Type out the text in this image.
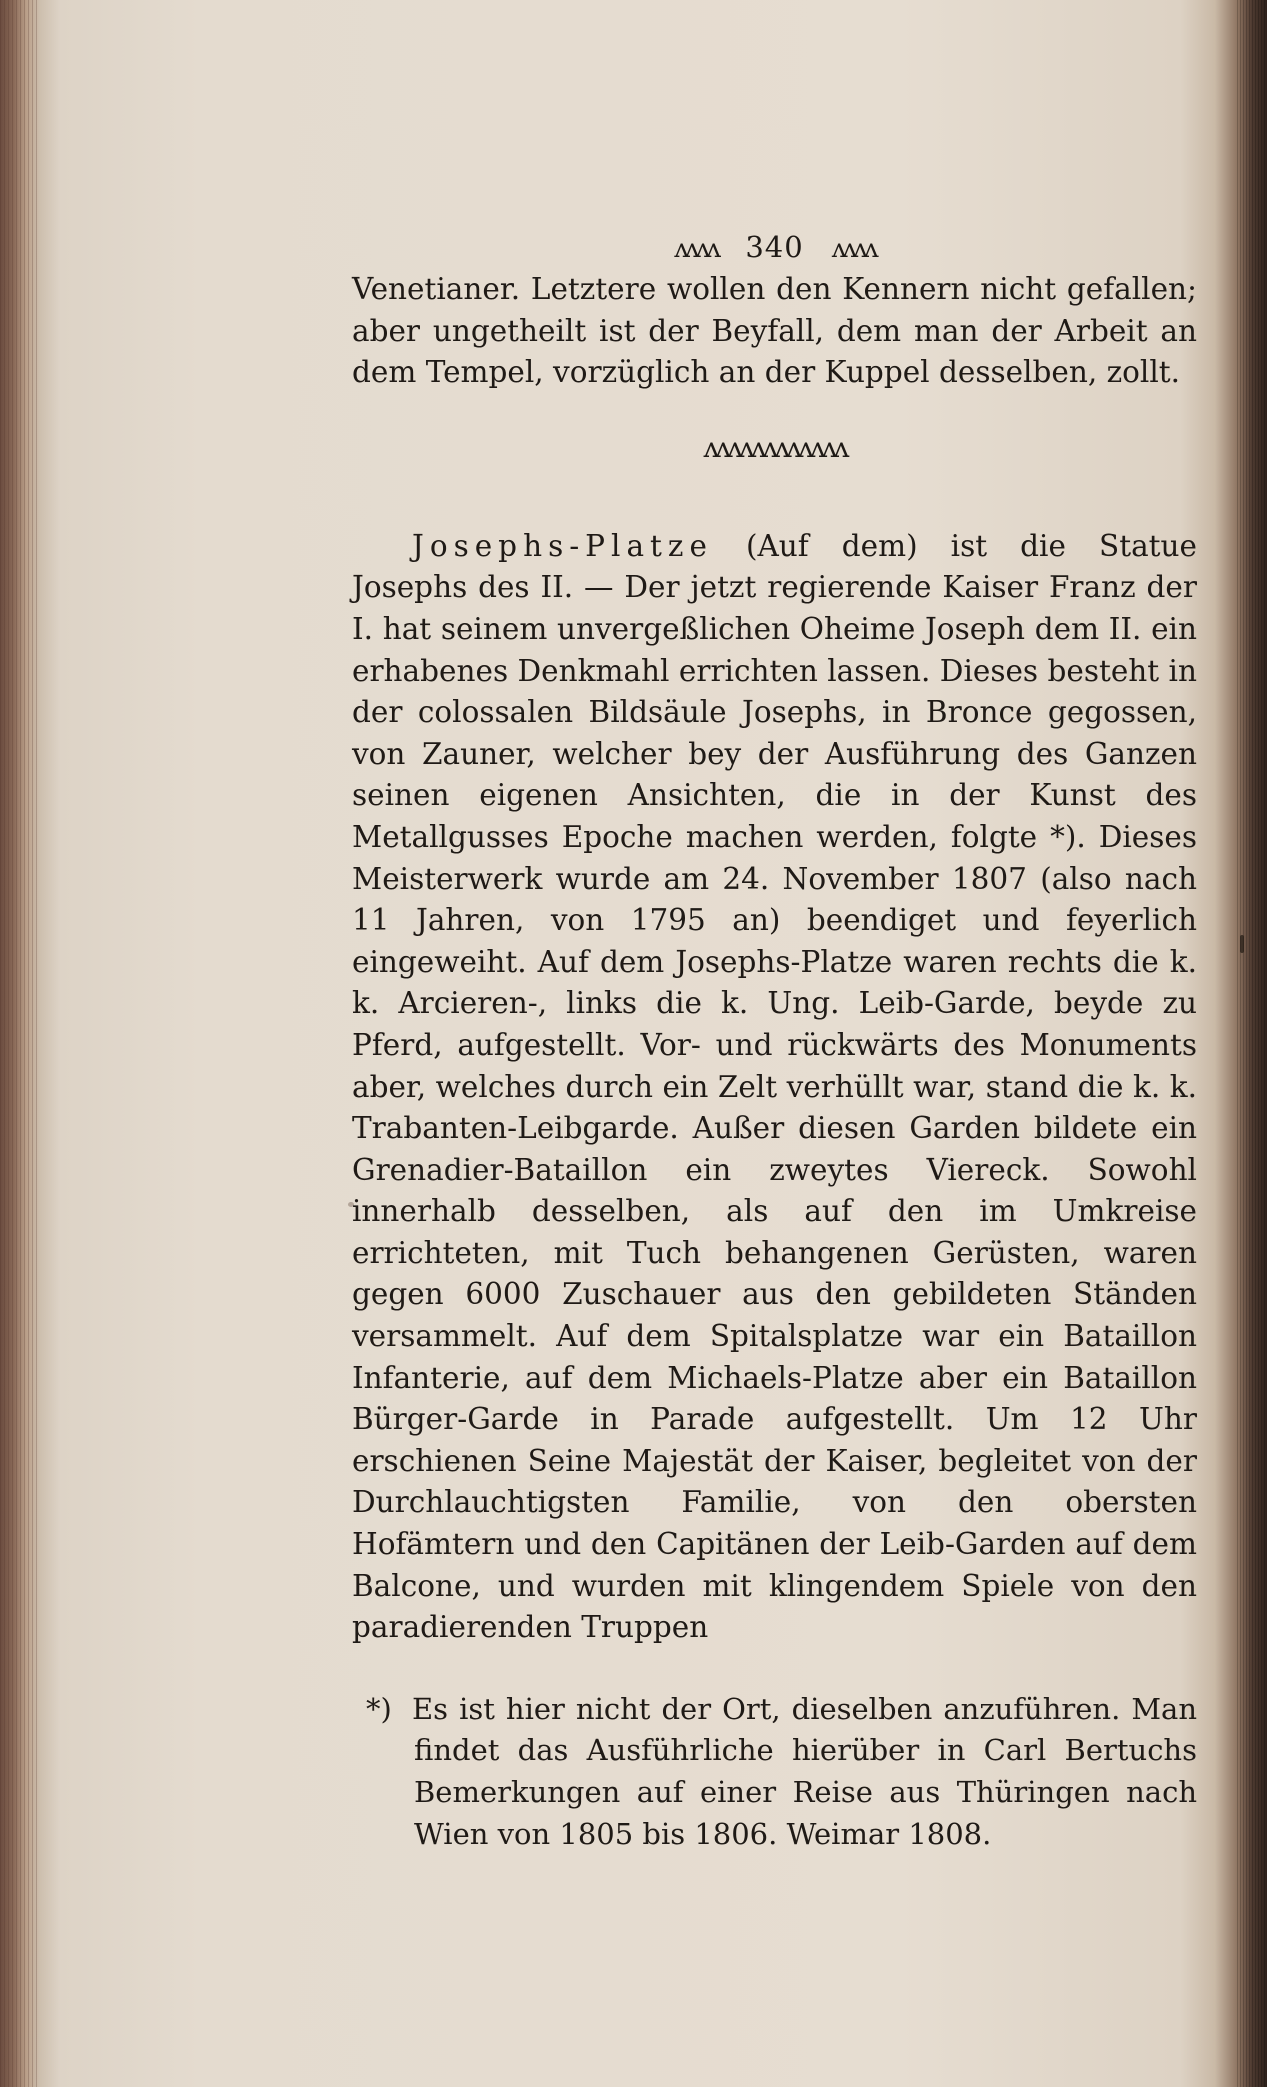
ʌʌʌʌ 340 ʌʌʌʌ

Venetianer. Letztere wollen den Kennern nicht gefallen; aber ungetheilt ist der Beyfall, dem man der Arbeit an dem Tempel, vorzüglich an der Kuppel desselben, zollt.

ʌʌʌʌʌʌʌʌʌʌʌʌ

Josephs-Platze (Auf dem) ist die Statue Josephs des II. — Der jetzt regierende Kaiser Franz der I. hat seinem unvergeßlichen Oheime Joseph dem II. ein erhabenes Denkmahl errichten lassen. Dieses besteht in der colossalen Bildsäule Josephs, in Bronce gegossen, von Zauner, welcher bey der Ausführung des Ganzen seinen eigenen Ansichten, die in der Kunst des Metallgusses Epoche machen werden, folgte *). Dieses Meisterwerk wurde am 24. November 1807 (also nach 11 Jahren, von 1795 an) beendiget und feyerlich eingeweiht. Auf dem Josephs-Platze waren rechts die k. k. Arcieren-, links die k. Ung. Leib-Garde, beyde zu Pferd, aufgestellt. Vor- und rückwärts des Monuments aber, welches durch ein Zelt verhüllt war, stand die k. k. Trabanten-Leibgarde. Außer diesen Garden bildete ein Grenadier-Bataillon ein zweytes Viereck. Sowohl innerhalb desselben, als auf den im Umkreise errichteten, mit Tuch behangenen Gerüsten, waren gegen 6000 Zuschauer aus den gebildeten Ständen versammelt. Auf dem Spitalsplatze war ein Bataillon Infanterie, auf dem Michaels-Platze aber ein Bataillon Bürger-Garde in Parade aufgestellt. Um 12 Uhr erschienen Seine Majestät der Kaiser, begleitet von der Durchlauchtigsten Familie, von den obersten Hofämtern und den Capitänen der Leib-Garden auf dem Balcone, und wurden mit klingendem Spiele von den paradierenden Truppen

*) Es ist hier nicht der Ort, dieselben anzuführen. Man findet das Ausführliche hierüber in Carl Bertuchs Bemerkungen auf einer Reise aus Thüringen nach Wien von 1805 bis 1806. Weimar 1808.
